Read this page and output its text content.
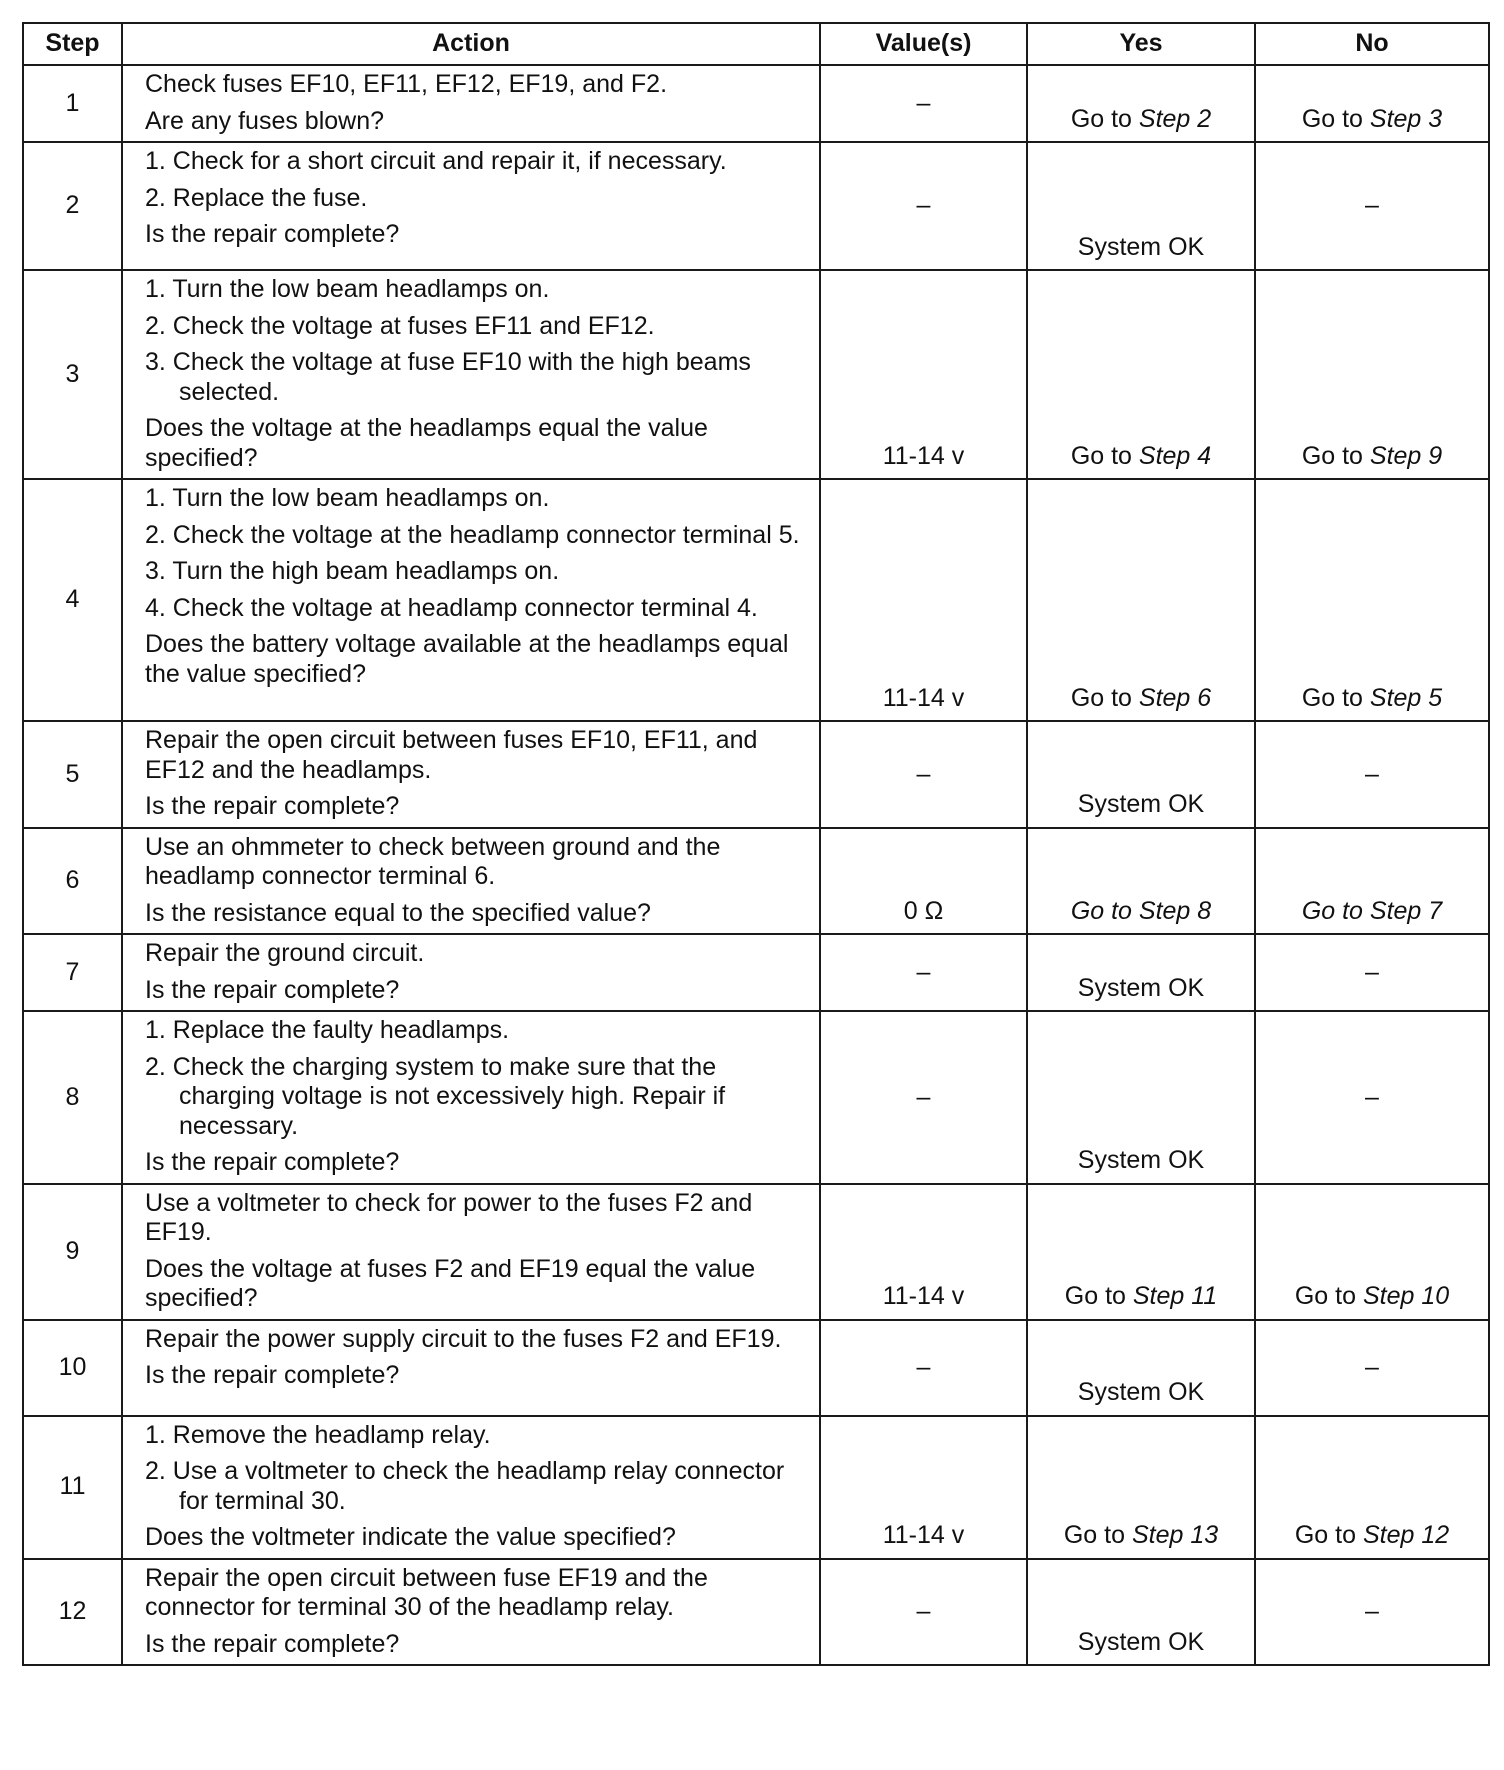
Step	Action	Value(s)	Yes	No
1	Check fuses EF10, EF11, EF12, EF19, and F2.
Are any fuses blown?	–	Go to Step 2	Go to Step 3
2	1. Check for a short circuit and repair it, if necessary.
2. Replace the fuse.
Is the repair complete?	–	System OK	–
3	1. Turn the low beam headlamps on.
2. Check the voltage at fuses EF11 and EF12.
3. Check the voltage at fuse EF10 with the high beams selected.
Does the voltage at the headlamps equal the value specified?	11-14 v	Go to Step 4	Go to Step 9
4	1. Turn the low beam headlamps on.
2. Check the voltage at the headlamp connector terminal 5.
3. Turn the high beam headlamps on.
4. Check the voltage at headlamp connector terminal 4.
Does the battery voltage available at the headlamps equal the value specified?	11-14 v	Go to Step 6	Go to Step 5
5	Repair the open circuit between fuses EF10, EF11, and EF12 and the headlamps.
Is the repair complete?	–	System OK	–
6	Use an ohmmeter to check between ground and the headlamp connector terminal 6.
Is the resistance equal to the specified value?	0 Ω	Go to Step 8	Go to Step 7
7	Repair the ground circuit.
Is the repair complete?	–	System OK	–
8	1. Replace the faulty headlamps.
2. Check the charging system to make sure that the charging voltage is not excessively high. Repair if necessary.
Is the repair complete?	–	System OK	–
9	Use a voltmeter to check for power to the fuses F2 and EF19.
Does the voltage at fuses F2 and EF19 equal the value specified?	11-14 v	Go to Step 11	Go to Step 10
10	Repair the power supply circuit to the fuses F2 and EF19.
Is the repair complete?	–	System OK	–
11	1. Remove the headlamp relay.
2. Use a voltmeter to check the headlamp relay connector for terminal 30.
Does the voltmeter indicate the value specified?	11-14 v	Go to Step 13	Go to Step 12
12	Repair the open circuit between fuse EF19 and the connector for terminal 30 of the headlamp relay.
Is the repair complete?	–	System OK	–
